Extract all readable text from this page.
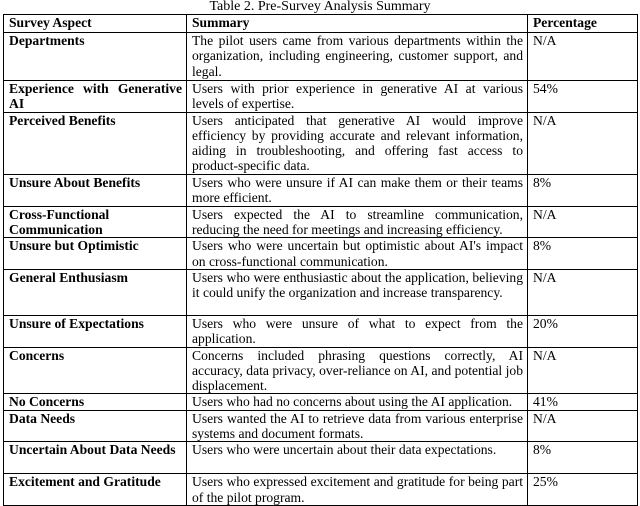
Table 2. Pre-Survey Analysis Summary
Survey Aspect	Summary	Percentage
Departments	The pilot users came from various departments within the organization, including engineering, customer support, and legal.	N/A
Experience with Generative AI	Users with prior experience in generative AI at various levels of expertise.	54%
Perceived Benefits	Users anticipated that generative AI would improve efficiency by providing accurate and relevant information, aiding in troubleshooting, and offering fast access to product-specific data.	N/A
Unsure About Benefits	Users who were unsure if AI can make them or their teams more efficient.	8%
Cross-Functional Communication	Users expected the AI to streamline communication, reducing the need for meetings and increasing efficiency.	N/A
Unsure but Optimistic	Users who were uncertain but optimistic about AI's impact on cross-functional communication.	8%
General Enthusiasm	Users who were enthusiastic about the application, believing it could unify the organization and increase transparency.	N/A
Unsure of Expectations	Users who were unsure of what to expect from the application.	20%
Concerns	Concerns included phrasing questions correctly, AI accuracy, data privacy, over-reliance on AI, and potential job displacement.	N/A
No Concerns	Users who had no concerns about using the AI application.	41%
Data Needs	Users wanted the AI to retrieve data from various enterprise systems and document formats.	N/A
Uncertain About Data Needs	Users who were uncertain about their data expectations.	8%
Excitement and Gratitude	Users who expressed excitement and gratitude for being part of the pilot program.	25%
